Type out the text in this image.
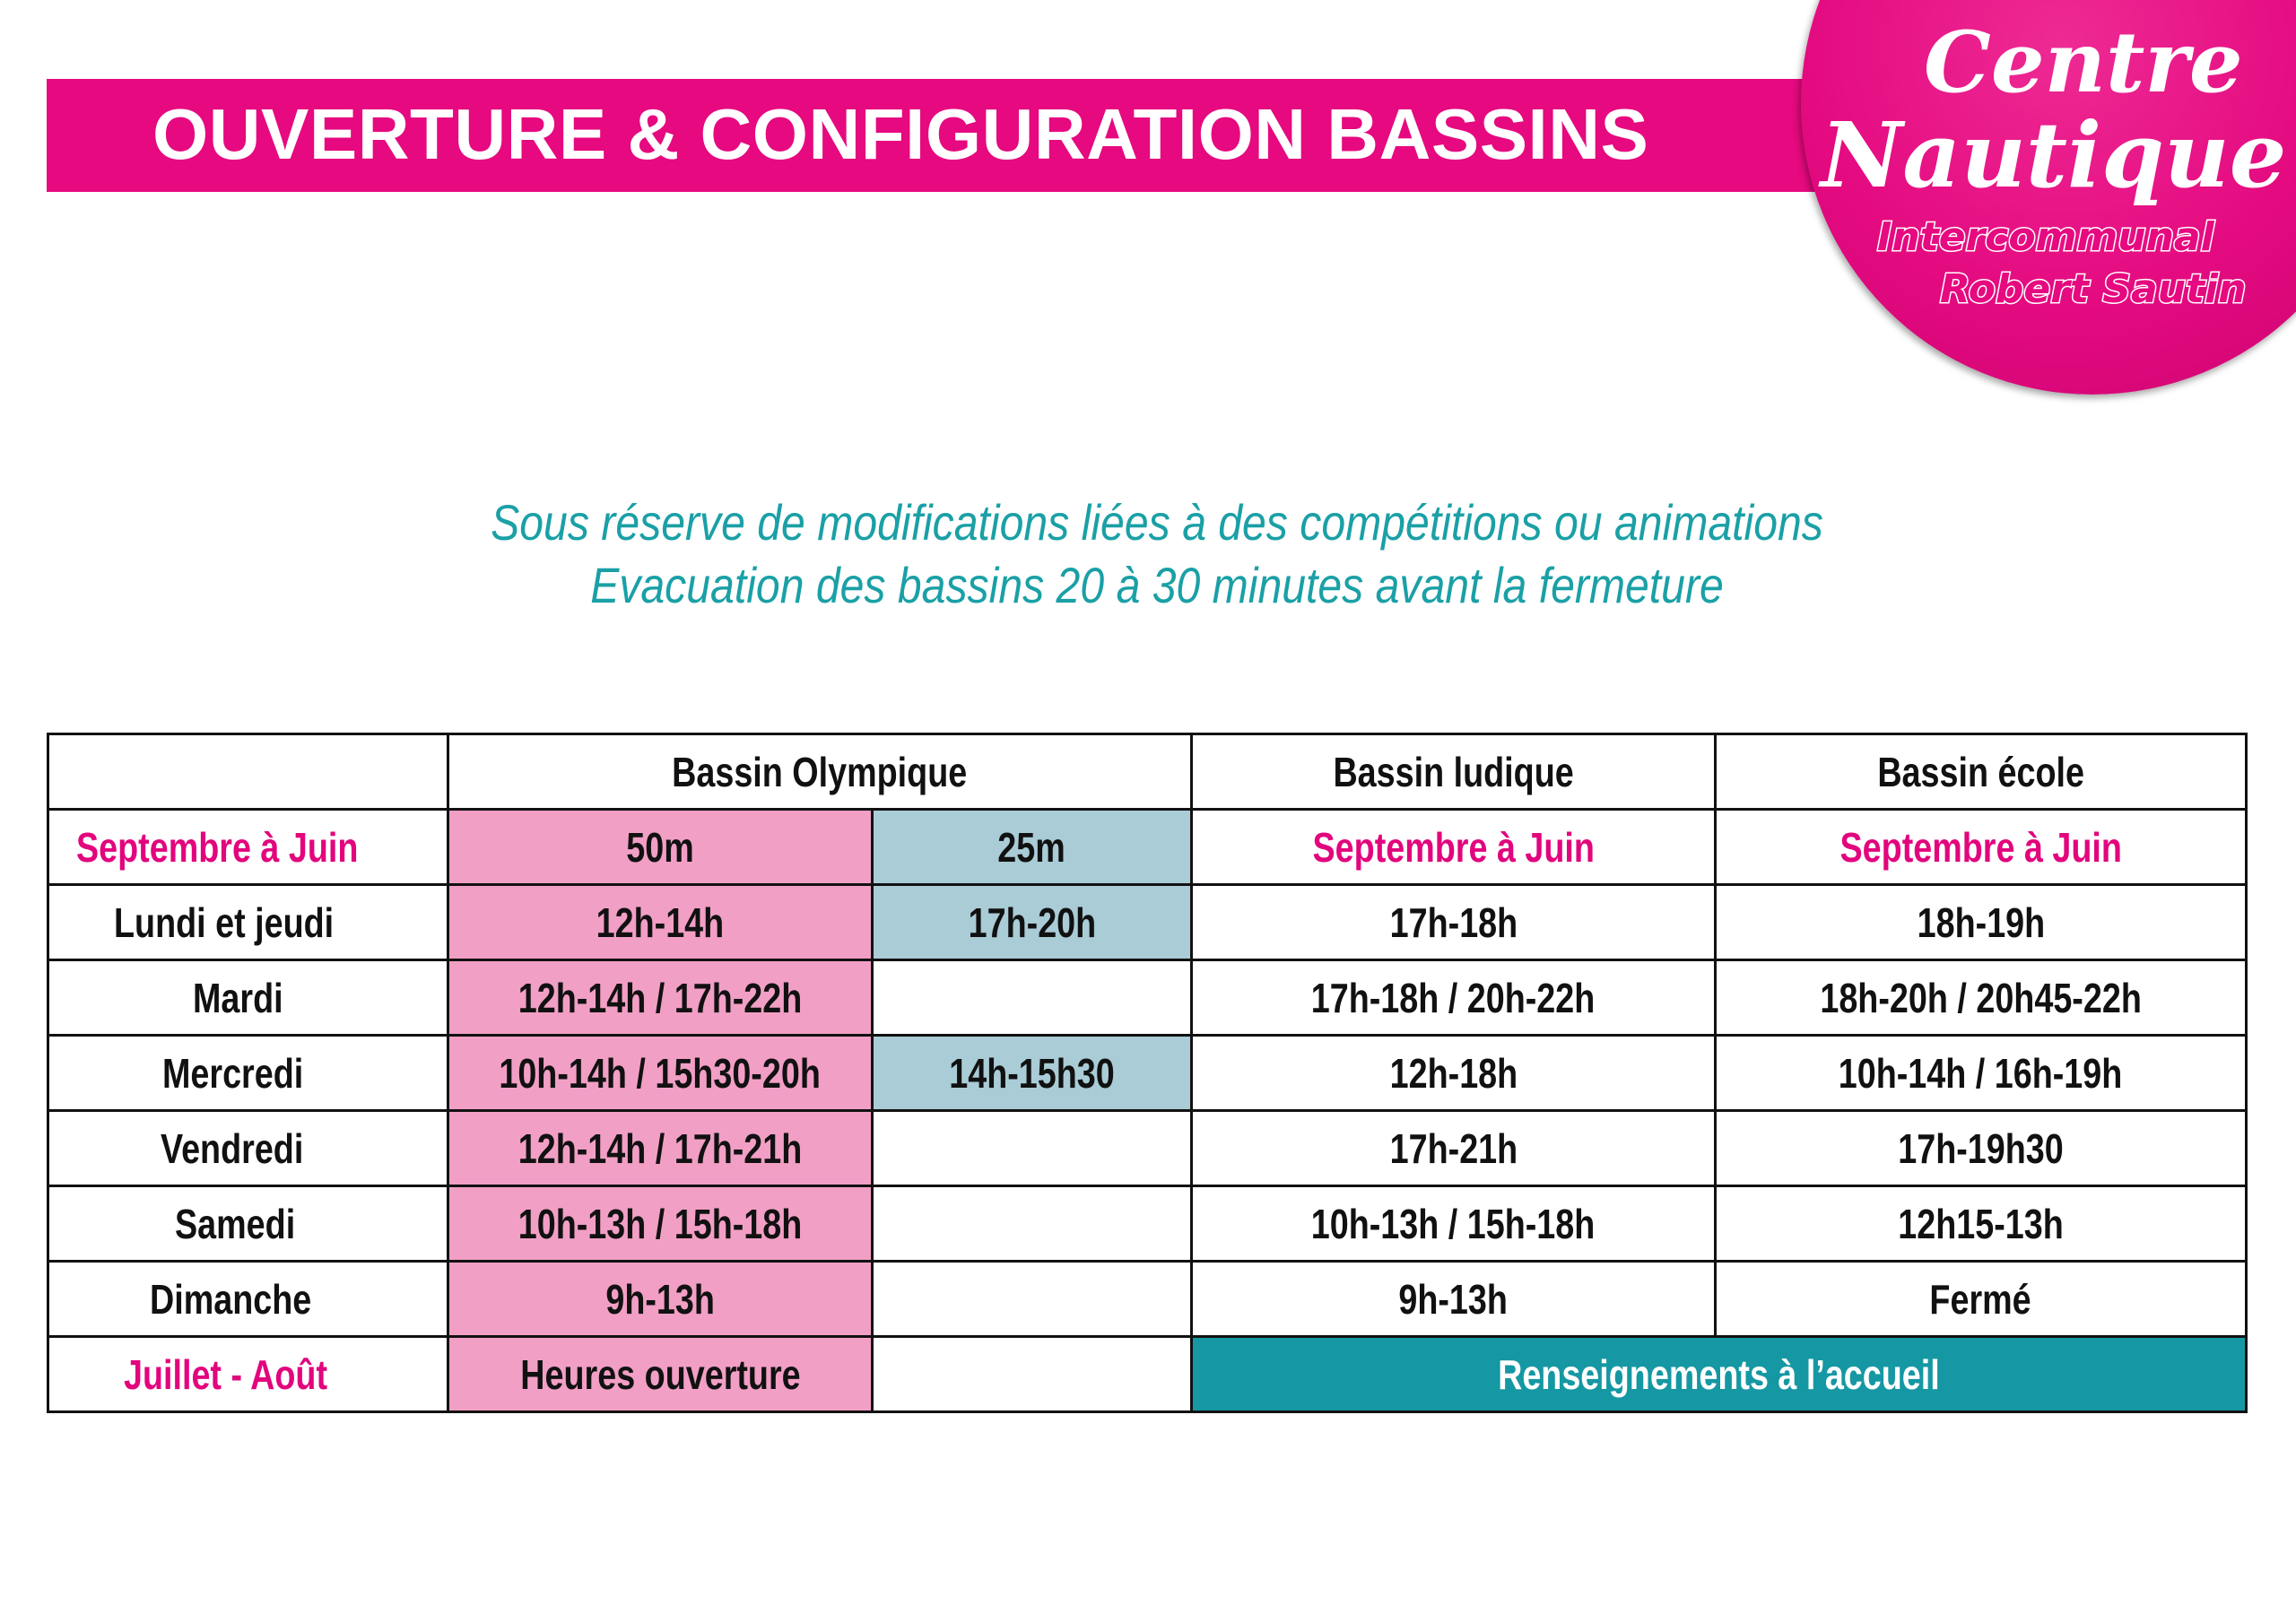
OUVERTURE & CONFIGURATION BASSINS
Centre
Nautique
Intercommunal
Robert Sautin
Sous réserve de modifications liées à des compétitions ou animations
Evacuation des bassins 20 à 30 minutes avant la fermeture
	Bassin Olympique		Bassin ludique	Bassin école
Septembre à Juin	50m	25m	Septembre à Juin	Septembre à Juin
Lundi et jeudi	12h-14h	17h-20h	17h-18h	18h-19h
Mardi	12h-14h / 17h-22h		17h-18h / 20h-22h	18h-20h / 20h45-22h
Mercredi	10h-14h / 15h30-20h	14h-15h30	12h-18h	10h-14h / 16h-19h
Vendredi	12h-14h / 17h-21h		17h-21h	17h-19h30
Samedi	10h-13h / 15h-18h		10h-13h / 15h-18h	12h15-13h
Dimanche	9h-13h		9h-13h	Fermé
Juillet - Août	Heures ouverture		Renseignements à l’accueil	
